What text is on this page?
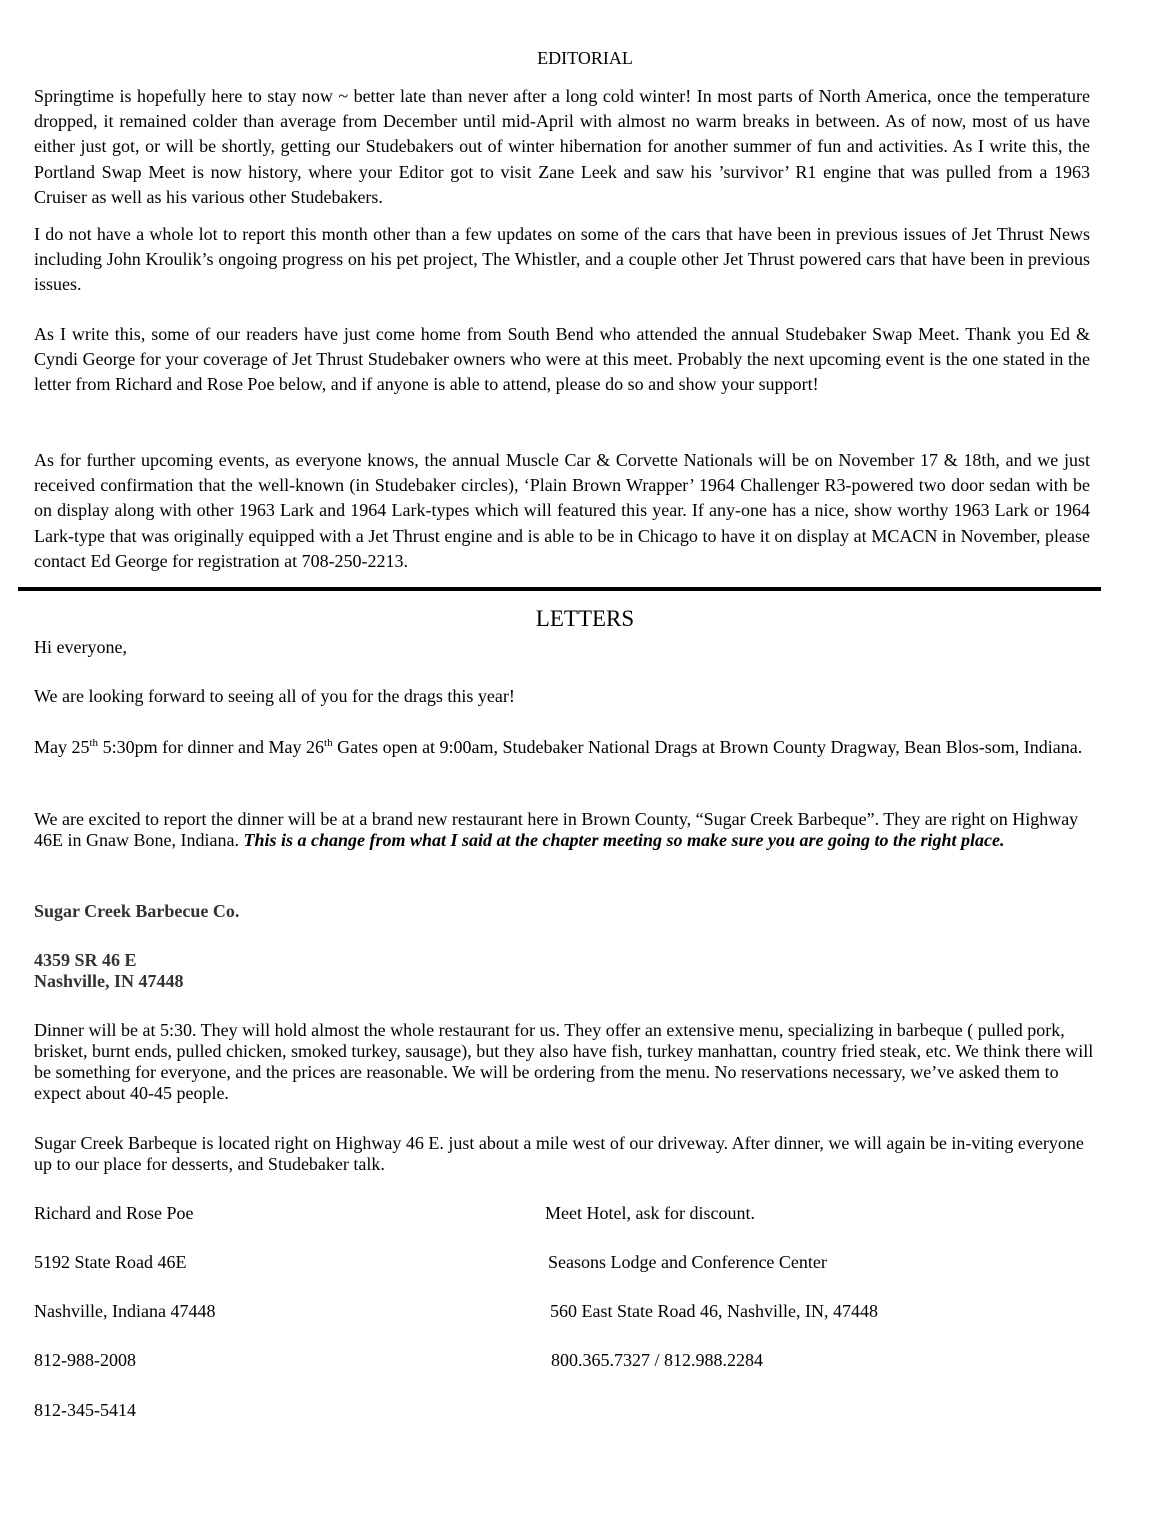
EDITORIAL

Springtime is hopefully here to stay now ~ better late than never after a long cold winter! In most parts of North America, once the temperature dropped, it remained colder than average from December until mid-April with almost no warm breaks in between. As of now, most of us have either just got, or will be shortly, getting our Studebakers out of winter hibernation for another summer of fun and activities. As I write this, the Portland Swap Meet is now history, where your Editor got to visit Zane Leek and saw his ’survivor’ R1 engine that was pulled from a 1963 Cruiser as well as his various other Studebakers.

I do not have a whole lot to report this month other than a few updates on some of the cars that have been in previous issues of Jet Thrust News including John Kroulik’s ongoing progress on his pet project, The Whistler, and a couple other Jet Thrust powered cars that have been in previous issues.

As I write this, some of our readers have just come home from South Bend who attended the annual Studebaker Swap Meet. Thank you Ed & Cyndi George for your coverage of Jet Thrust Studebaker owners who were at this meet. Probably the next upcoming event is the one stated in the letter from Richard and Rose Poe below, and if anyone is able to attend, please do so and show your support!

As for further upcoming events, as everyone knows, the annual Muscle Car & Corvette Nationals will be on November 17 & 18th, and we just received confirmation that the well-known (in Studebaker circles), ‘Plain Brown Wrapper’ 1964 Challenger R3-powered two door sedan with be on display along with other 1963 Lark and 1964 Lark-types which will featured this year. If any-one has a nice, show worthy 1963 Lark or 1964 Lark-type that was originally equipped with a Jet Thrust engine and is able to be in Chicago to have it on display at MCACN in November, please contact Ed George for registration at 708-250-2213.

LETTERS

Hi everyone,

We are looking forward to seeing all of you for the drags this year!

May 25th 5:30pm for dinner and May 26th Gates open at 9:00am, Studebaker National Drags at Brown County Dragway, Bean Blos-som, Indiana.

We are excited to report the dinner will be at a brand new restaurant here in Brown County, “Sugar Creek Barbeque”. They are right on Highway 46E in Gnaw Bone, Indiana. This is a change from what I said at the chapter meeting so make sure you are going to the right place.

Sugar Creek Barbecue Co.

4359 SR 46 E

Nashville, IN 47448

Dinner will be at 5:30. They will hold almost the whole restaurant for us. They offer an extensive menu, specializing in barbeque ( pulled pork, brisket, burnt ends, pulled chicken, smoked turkey, sausage), but they also have fish, turkey manhattan, country fried steak, etc. We think there will be something for everyone, and the prices are reasonable. We will be ordering from the menu. No reservations necessary, we’ve asked them to expect about 40-45 people.

Sugar Creek Barbeque is located right on Highway 46 E. just about a mile west of our driveway. After dinner, we will again be in-viting everyone up to our place for desserts, and Studebaker talk.

Richard and Rose Poe
5192 State Road 46E
Nashville, Indiana 47448
812-988-2008
812-345-5414
Meet Hotel, ask for discount.
Seasons Lodge and Conference Center
560 East State Road 46, Nashville, IN, 47448
800.365.7327 / 812.988.2284
